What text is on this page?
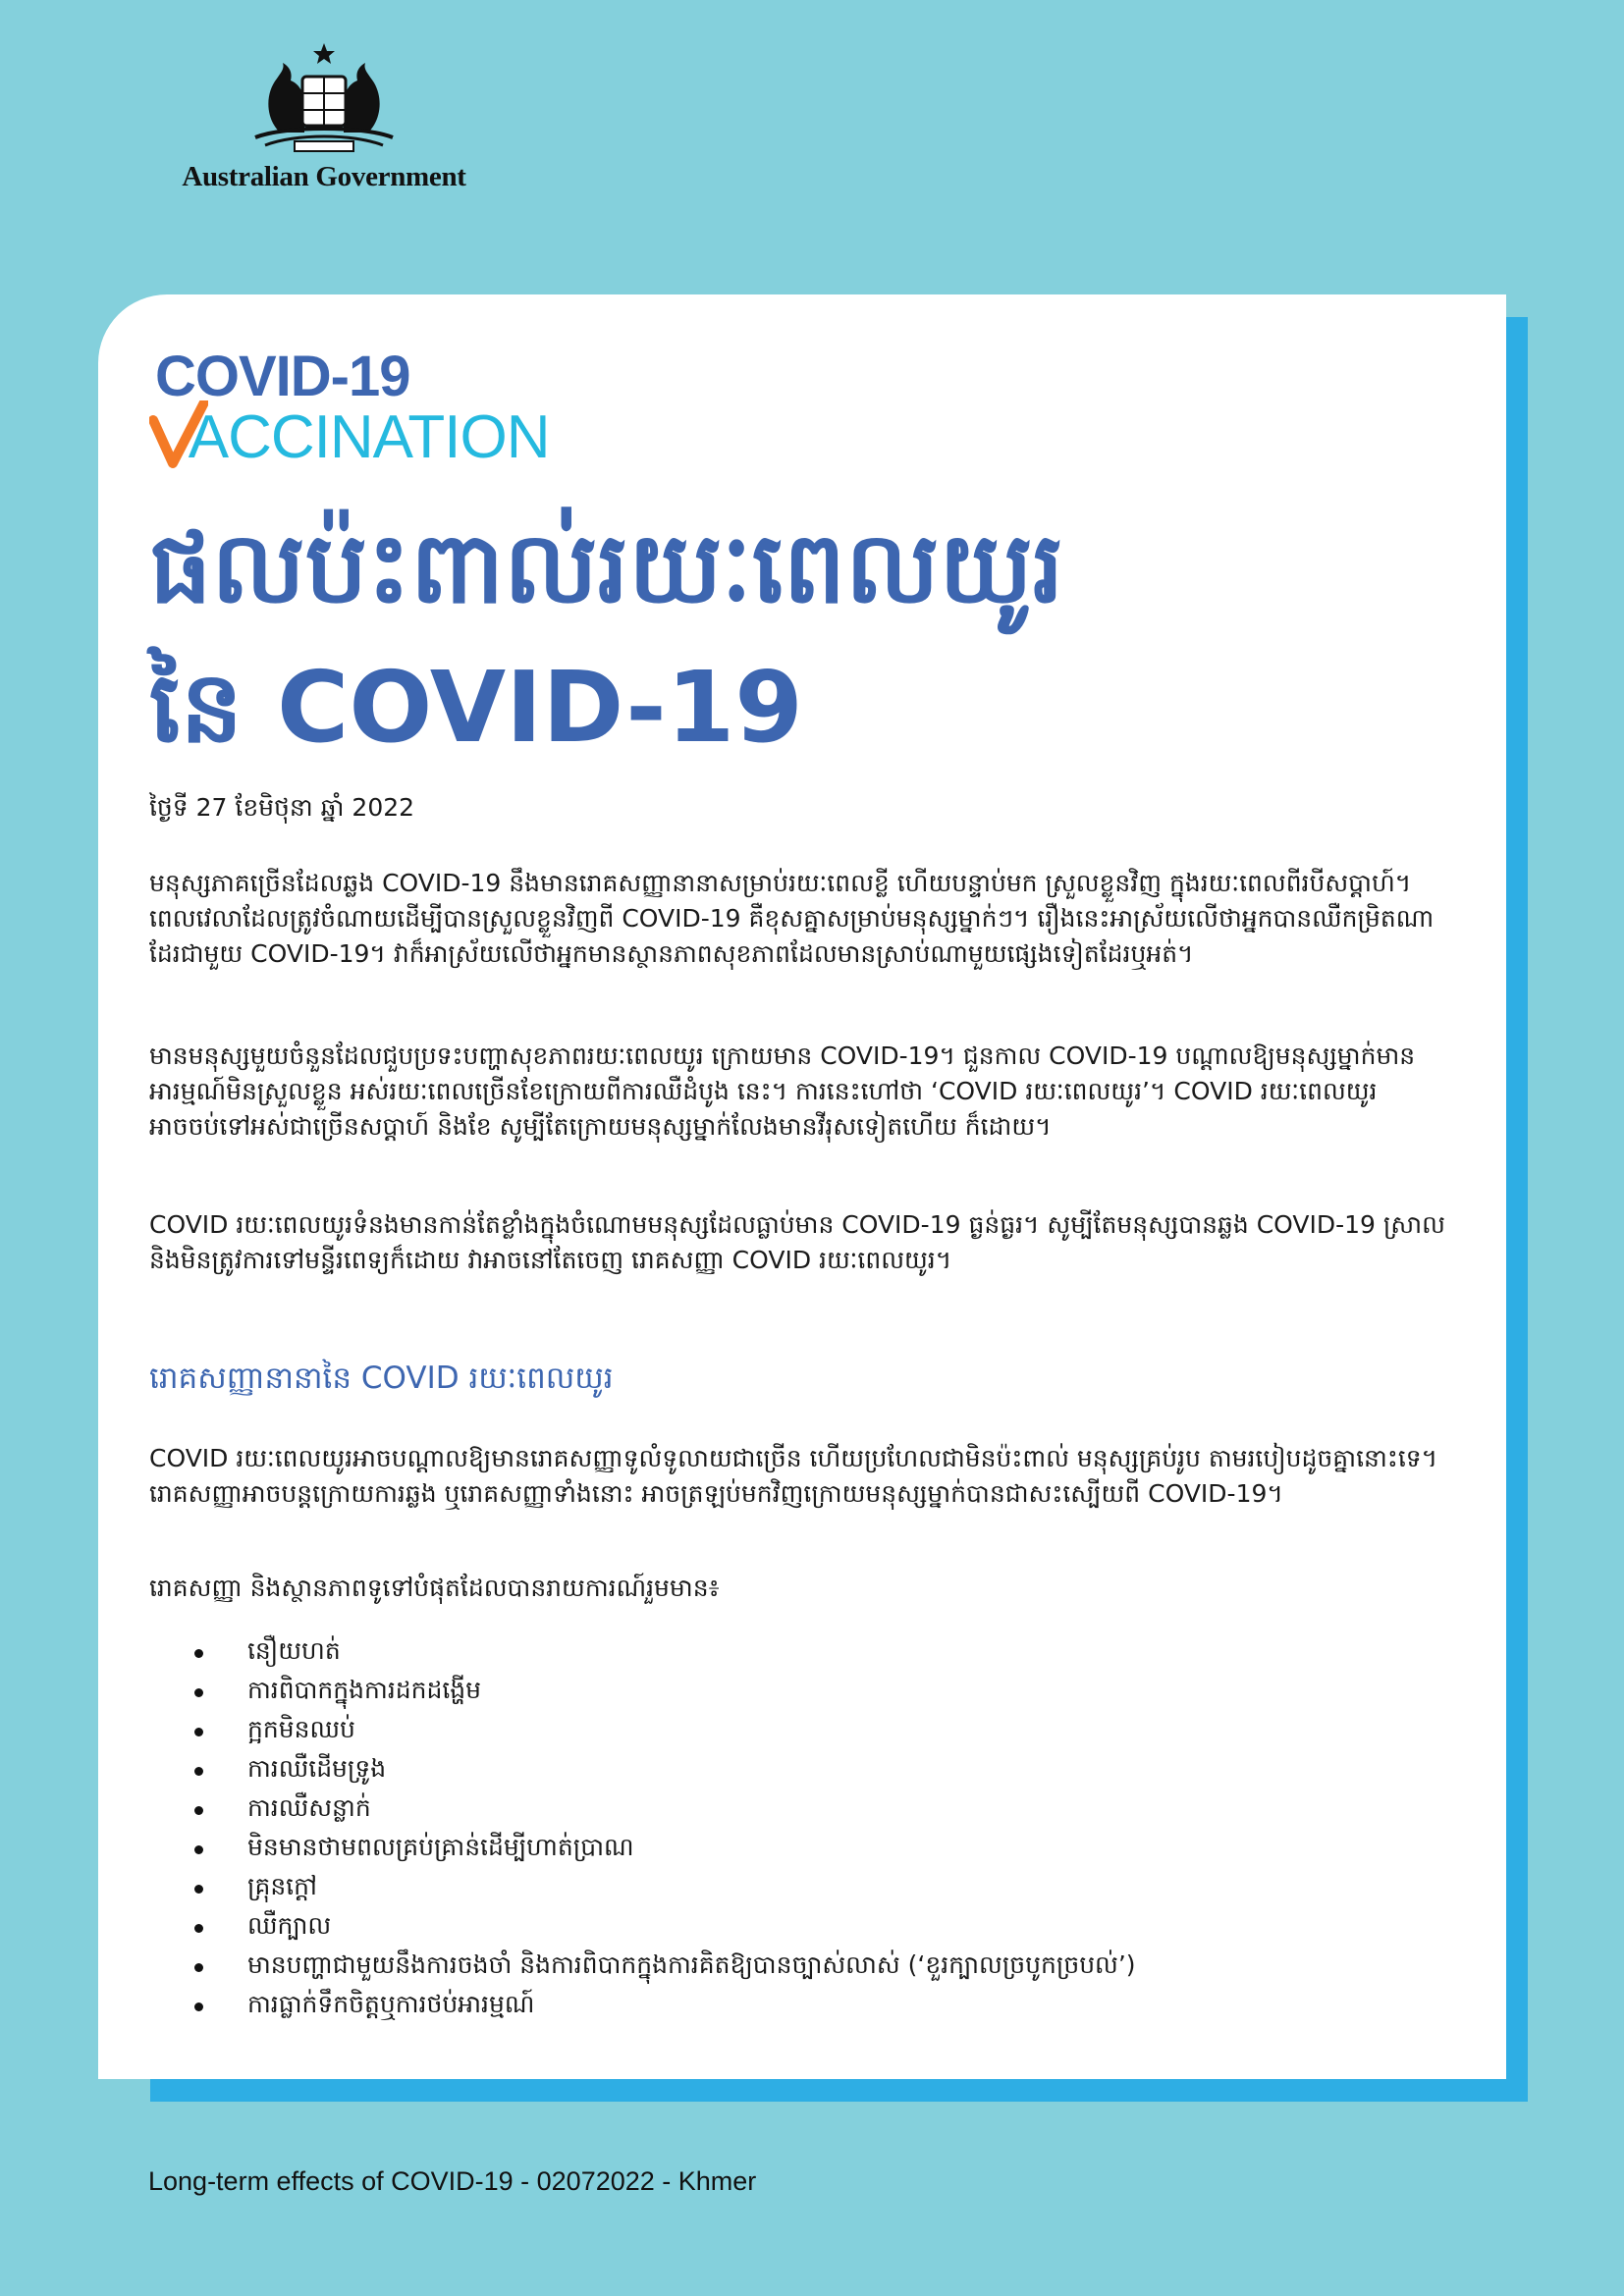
Australian Government
COVID-19
ACCINATION
ផលប៉ះពាល់រយៈពេលយូរ
នៃ COVID-19
ថ្ងៃទី 27 ខែមិថុនា ឆ្នាំ 2022

មនុស្សភាគច្រើនដែលឆ្លង COVID-19 នឹងមានរោគសញ្ញានានាសម្រាប់រយៈពេលខ្លី ហើយបន្ទាប់មក ស្រួលខ្លួនវិញ ក្នុងរយៈពេលពីរបីសប្តាហ៍។ ពេលវេលាដែលត្រូវចំណាយដើម្បីបានស្រួលខ្លួនវិញពី COVID-19 គឺខុសគ្នាសម្រាប់មនុស្សម្នាក់ៗ។ រឿងនេះអាស្រ័យលើថាអ្នកបានឈឺកម្រិតណាដែរជាមួយ COVID-19។ វាក៏អាស្រ័យលើថាអ្នកមានស្ថានភាពសុខភាពដែលមានស្រាប់ណាមួយផ្សេងទៀតដែរឬអត់។

មានមនុស្សមួយចំនួនដែលជួបប្រទះបញ្ហាសុខភាពរយៈពេលយូរ ក្រោយមាន COVID-19។ ជួនកាល COVID-19 បណ្តាលឱ្យមនុស្សម្នាក់មានអារម្មណ៍មិនស្រួលខ្លួន អស់រយៈពេលច្រើនខែក្រោយពីការឈឺដំបូង នេះ។ ការនេះហៅថា ‘COVID រយៈពេលយូរ’។ COVID រយៈពេលយូរ អាចចប់ទៅអស់ជាច្រើនសប្តាហ៍ និងខែ សូម្បីតែក្រោយមនុស្សម្នាក់លែងមានវីរុសទៀតហើយ ក៏ដោយ។

COVID រយៈពេលយូរទំនងមានកាន់តែខ្លាំងក្នុងចំណោមមនុស្សដែលធ្លាប់មាន COVID-19 ធ្ងន់ធ្ងរ។ សូម្បីតែមនុស្សបានឆ្លង COVID-19 ស្រាល និងមិនត្រូវការទៅមន្ទីរពេទ្យក៏ដោយ វាអាចនៅតែចេញ រោគសញ្ញា COVID រយៈពេលយូរ។

រោគសញ្ញានានានៃ COVID រយៈពេលយូរ

COVID រយៈពេលយូរអាចបណ្តាលឱ្យមានរោគសញ្ញាទូលំទូលាយជាច្រើន ហើយប្រហែលជាមិនប៉ះពាល់ មនុស្សគ្រប់រូប តាមរបៀបដូចគ្នានោះទេ។ រោគសញ្ញាអាចបន្តក្រោយការឆ្លង ឬរោគសញ្ញាទាំងនោះ អាចត្រឡប់មកវិញក្រោយមនុស្សម្នាក់បានជាសះស្បើយពី COVID-19។

រោគសញ្ញា និងស្ថានភាពទូទៅបំផុតដែលបានរាយការណ៍រួមមាន៖

នឿយហត់
ការពិបាកក្នុងការដកដង្ហើម
ក្អកមិនឈប់
ការឈឺដើមទ្រូង
ការឈឺសន្លាក់
មិនមានថាមពលគ្រប់គ្រាន់ដើម្បីហាត់ប្រាណ
គ្រុនក្តៅ
ឈឺក្បាល
មានបញ្ហាជាមួយនឹងការចងចាំ និងការពិបាកក្នុងការគិតឱ្យបានច្បាស់លាស់ (‘ខួរក្បាលច្របូកច្របល់’)
ការធ្លាក់ទឹកចិត្តឬការថប់អារម្មណ៍
Long-term effects of COVID-19 - 02072022 - Khmer
